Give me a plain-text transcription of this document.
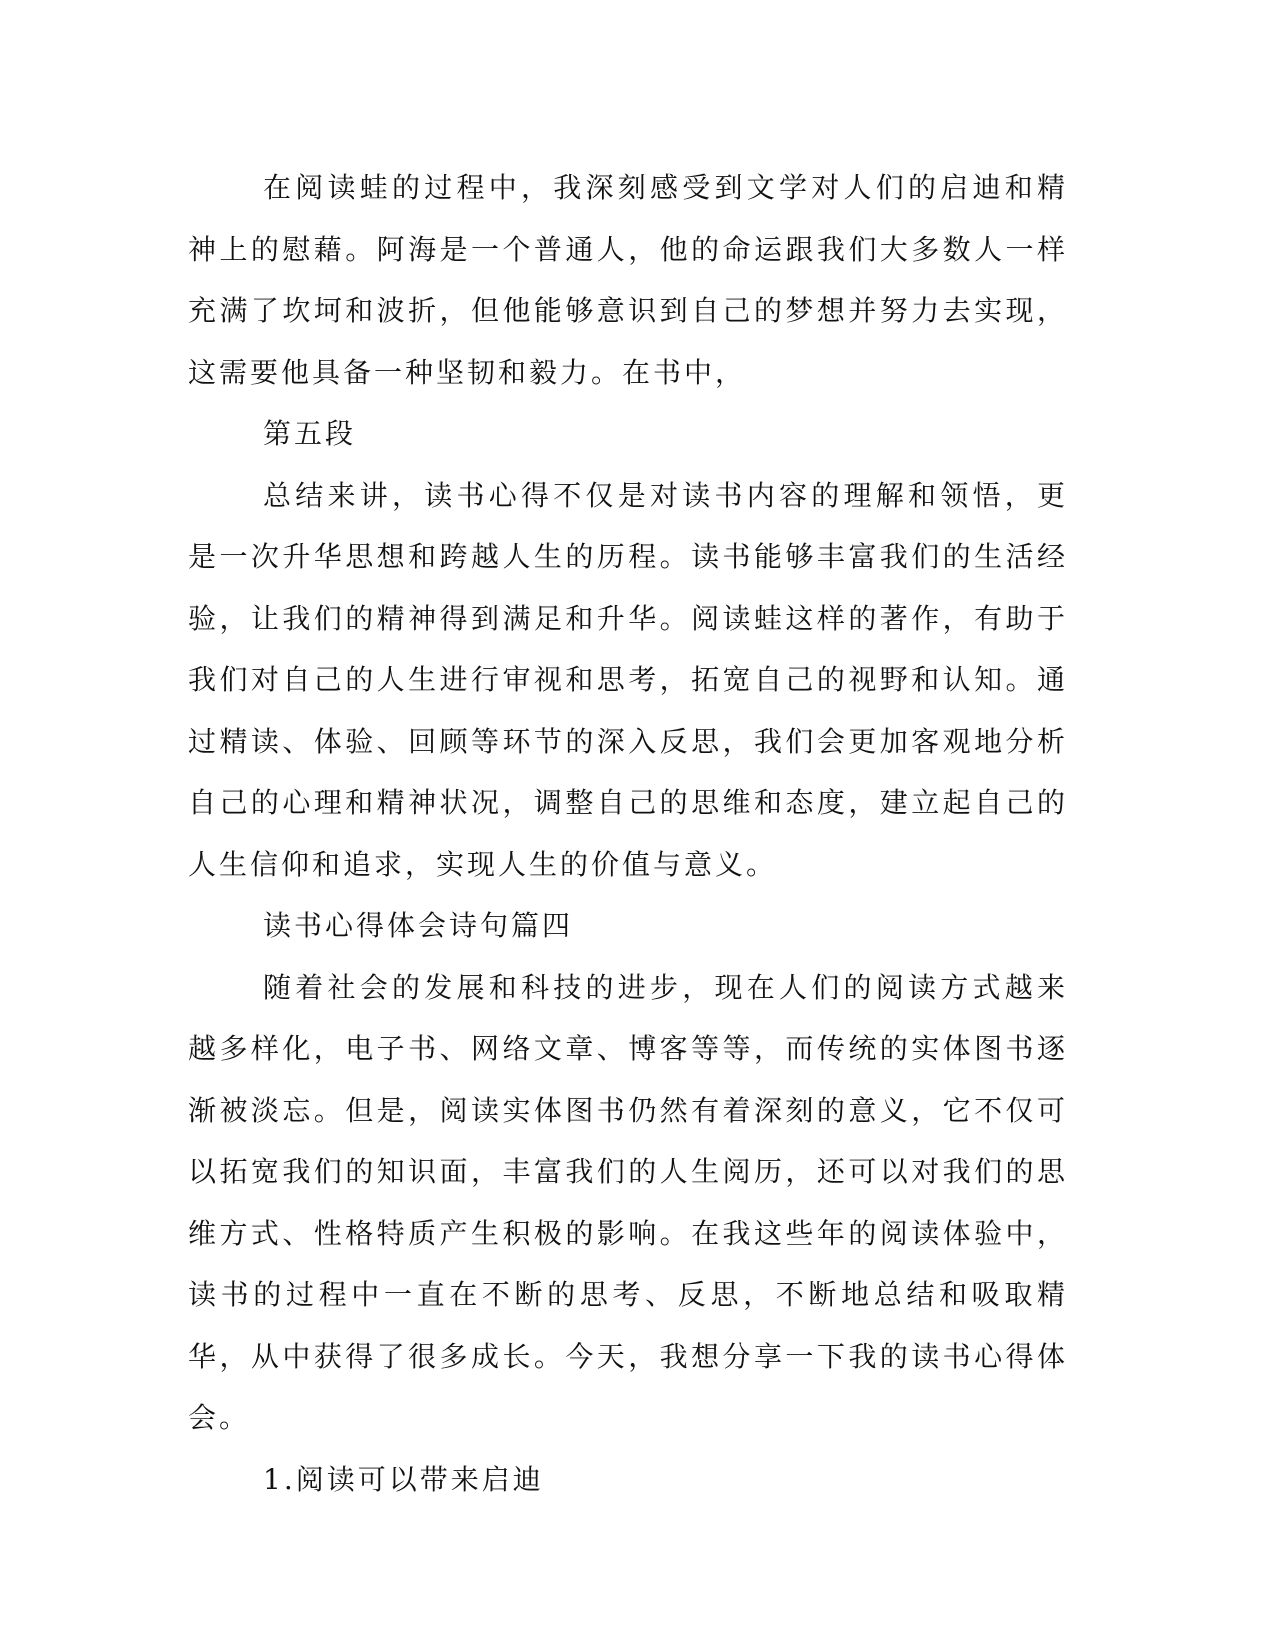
在阅读蛙的过程中，我深刻感受到文学对人们的启迪和精神上的慰藉。阿海是一个普通人，他的命运跟我们大多数人一样充满了坎坷和波折，但他能够意识到自己的梦想并努力去实现，这需要他具备一种坚韧和毅力。在书中，

第五段

总结来讲，读书心得不仅是对读书内容的理解和领悟，更是一次升华思想和跨越人生的历程。读书能够丰富我们的生活经验，让我们的精神得到满足和升华。阅读蛙这样的著作，有助于我们对自己的人生进行审视和思考，拓宽自己的视野和认知。通过精读、体验、回顾等环节的深入反思，我们会更加客观地分析自己的心理和精神状况，调整自己的思维和态度，建立起自己的人生信仰和追求，实现人生的价值与意义。

读书心得体会诗句篇四

随着社会的发展和科技的进步，现在人们的阅读方式越来越多样化，电子书、网络文章、博客等等，而传统的实体图书逐渐被淡忘。但是，阅读实体图书仍然有着深刻的意义，它不仅可以拓宽我们的知识面，丰富我们的人生阅历，还可以对我们的思维方式、性格特质产生积极的影响。在我这些年的阅读体验中，读书的过程中一直在不断的思考、反思，不断地总结和吸取精华，从中获得了很多成长。今天，我想分享一下我的读书心得体会。

1.阅读可以带来启迪
